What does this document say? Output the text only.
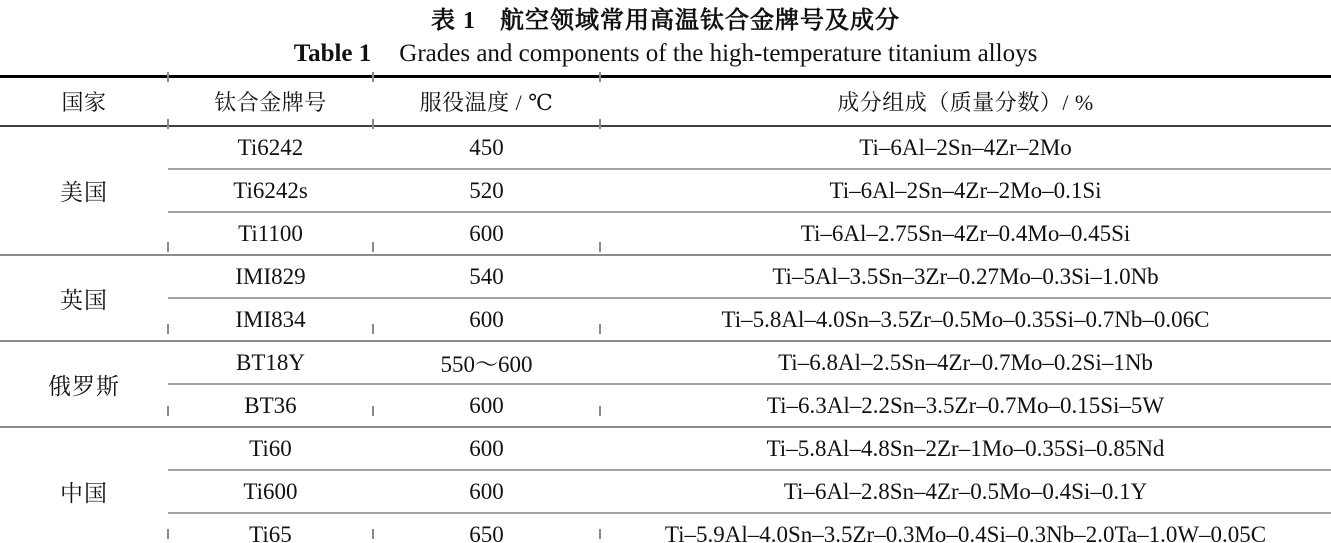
表 1 航空领域常用高温钛合金牌号及成分
Table 1 Grades and components of the high-temperature titanium alloys
国家	钛合金牌号	服役温度 / ℃	成分组成（质量分数）/ %
美国	Ti6242	450	Ti–6Al–2Sn–4Zr–2Mo
	Ti6242s	520	Ti–6Al–2Sn–4Zr–2Mo–0.1Si
	Ti1100	600	Ti–6Al–2.75Sn–4Zr–0.4Mo–0.45Si
英国	IMI829	540	Ti–5Al–3.5Sn–3Zr–0.27Mo–0.3Si–1.0Nb
	IMI834	600	Ti–5.8Al–4.0Sn–3.5Zr–0.5Mo–0.35Si–0.7Nb–0.06C
俄罗斯	BT18Y	550～600	Ti–6.8Al–2.5Sn–4Zr–0.7Mo–0.2Si–1Nb
	BT36	600	Ti–6.3Al–2.2Sn–3.5Zr–0.7Mo–0.15Si–5W
中国	Ti60	600	Ti–5.8Al–4.8Sn–2Zr–1Mo–0.35Si–0.85Nd
	Ti600	600	Ti–6Al–2.8Sn–4Zr–0.5Mo–0.4Si–0.1Y
	Ti65	650	Ti–5.9Al–4.0Sn–3.5Zr–0.3Mo–0.4Si–0.3Nb–2.0Ta–1.0W–0.05C
